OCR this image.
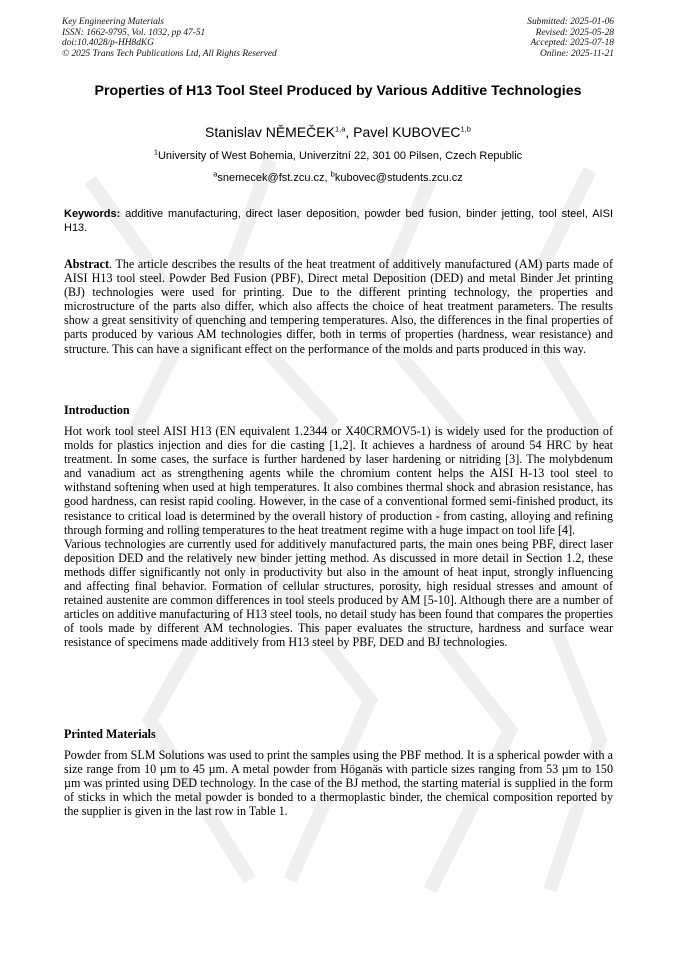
Key Engineering Materials
ISSN: 1662-9795, Vol. 1032, pp 47-51
doi:10.4028/p-HH8dKG
© 2025 Trans Tech Publications Ltd, All Rights Reserved
Submitted: 2025-01-06
Revised: 2025-05-28
Accepted: 2025-07-18
Online: 2025-11-21
Properties of H13 Tool Steel Produced by Various Additive Technologies
Stanislav NĚMEČEK$^{1,a}$, Pavel KUBOVEC$^{1,b}$
$^1$University of West Bohemia, Univerzitní 22, 301 00 Pilsen, Czech Republic
$^a$snemecek@fst.zcu.cz, $^b$kubovec@students.zcu.cz
Keywords: additive manufacturing, direct laser deposition, powder bed fusion, binder jetting, tool steel, AISI H13.
Abstract. The article describes the results of the heat treatment of additively manufactured (AM) parts made of AISI H13 tool steel. Powder Bed Fusion (PBF), Direct metal Deposition (DED) and metal Binder Jet printing (BJ) technologies were used for printing. Due to the different printing technology, the properties and microstructure of the parts also differ, which also affects the choice of heat treatment parameters. The results show a great sensitivity of quenching and tempering temperatures. Also, the differences in the final properties of parts produced by various AM technologies differ, both in terms of properties (hardness, wear resistance) and structure. This can have a significant effect on the performance of the molds and parts produced in this way.
Introduction

Hot work tool steel AISI H13 (EN equivalent 1.2344 or X40CRMOV5-1) is widely used for the production of molds for plastics injection and dies for die casting [1,2]. It achieves a hardness of around 54 HRC by heat treatment. In some cases, the surface is further hardened by laser hardening or nitriding [3]. The molybdenum and vanadium act as strengthening agents while the chromium content helps the AISI H-13 tool steel to withstand softening when used at high temperatures. It also combines thermal shock and abrasion resistance, has good hardness, can resist rapid cooling. However, in the case of a conventional formed semi-finished product, its resistance to critical load is determined by the overall history of production - from casting, alloying and refining through forming and rolling temperatures to the heat treatment regime with a huge impact on tool life [4].

Various technologies are currently used for additively manufactured parts, the main ones being PBF, direct laser deposition DED and the relatively new binder jetting method. As discussed in more detail in Section 1.2, these methods differ significantly not only in productivity but also in the amount of heat input, strongly influencing and affecting final behavior. Formation of cellular structures, porosity, high residual stresses and amount of retained austenite are common differences in tool steels produced by AM [5-10]. Although there are a number of articles on additive manufacturing of H13 steel tools, no detail study has been found that compares the properties of tools made by different AM technologies. This paper evaluates the structure, hardness and surface wear resistance of specimens made additively from H13 steel by PBF, DED and BJ technologies.

Printed Materials

Powder from SLM Solutions was used to print the samples using the PBF method. It is a spherical powder with a size range from 10 µm to 45 µm. A metal powder from Höganäs with particle sizes ranging from 53 µm to 150 µm was printed using DED technology. In the case of the BJ method, the starting material is supplied in the form of sticks in which the metal powder is bonded to a thermoplastic binder, the chemical composition reported by the supplier is given in the last row in Table 1.
